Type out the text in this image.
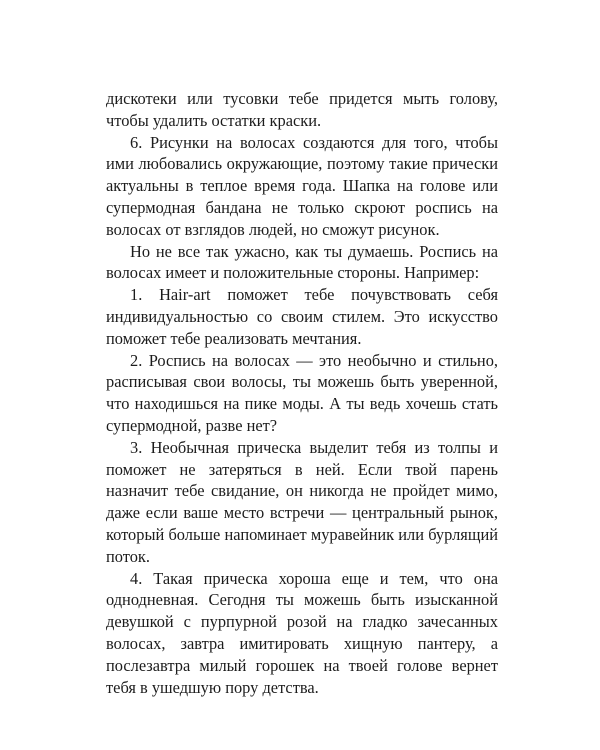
дискотеки или тусовки тебе придется мыть голову, чтобы удалить остатки краски.

6. Рисунки на волосах создаются для того, чтобы ими любовались окружающие, поэтому такие прически актуальны в теплое время года. Шапка на голове или супермодная бандана не только скроют роспись на волосах от взглядов людей, но сможут рисунок.

Но не все так ужасно, как ты думаешь. Роспись на волосах имеет и положительные стороны. Например:

1. Hair-art поможет тебе почувствовать себя индивидуальностью со своим стилем. Это искусство поможет тебе реализовать мечтания.

2. Роспись на волосах — это необычно и стильно, расписывая свои волосы, ты можешь быть уверенной, что находишься на пике моды. А ты ведь хочешь стать супермодной, разве нет?

3. Необычная прическа выделит тебя из толпы и поможет не затеряться в ней. Если твой парень назначит тебе свидание, он никогда не пройдет мимо, даже если ваше место встречи — центральный рынок, который больше напоминает муравейник или бурлящий поток.

4. Такая прическа хороша еще и тем, что она однодневная. Сегодня ты можешь быть изысканной девушкой с пурпурной розой на гладко зачесанных волосах, завтра имитировать хищную пантеру, а послезавтра милый горошек на твоей голове вернет тебя в ушедшую пору детства.
